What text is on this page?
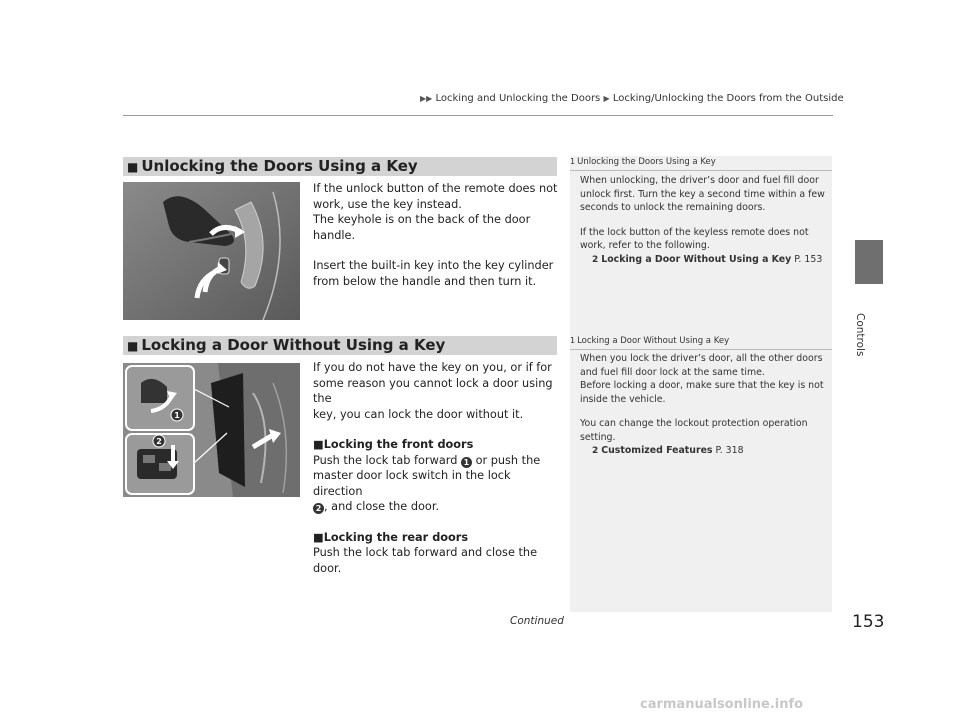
▶▶ Locking and Unlocking the Doors ▶ Locking/Unlocking the Doors from the Outside
Controls
■ Unlocking the Doors Using a Key

If the unlock button of the remote does not

work, use the key instead.

The keyhole is on the back of the door handle.

Insert the built-in key into the key cylinder

from below the handle and then turn it.

1 Unlocking the Doors Using a Key

When unlocking, the driver’s door and fuel fill door

unlock first. Turn the key a second time within a few

seconds to unlock the remaining doors.

If the lock button of the keyless remote does not

work, refer to the following.

2 Locking a Door Without Using a Key P. 153

■ Locking a Door Without Using a Key
1
2

If you do not have the key on you, or if for

some reason you cannot lock a door using the

key, you can lock the door without it.

■Locking the front doors

Push the lock tab forward 1 or push the

master door lock switch in the lock direction

2 , and close the door.

■Locking the rear doors

Push the lock tab forward and close the door.

1 Locking a Door Without Using a Key

When you lock the driver’s door, all the other doors

and fuel fill door lock at the same time.

Before locking a door, make sure that the key is not

inside the vehicle.

You can change the lockout protection operation

setting.

2 Customized Features P. 318

Continued	153
carmanualsonline.info
